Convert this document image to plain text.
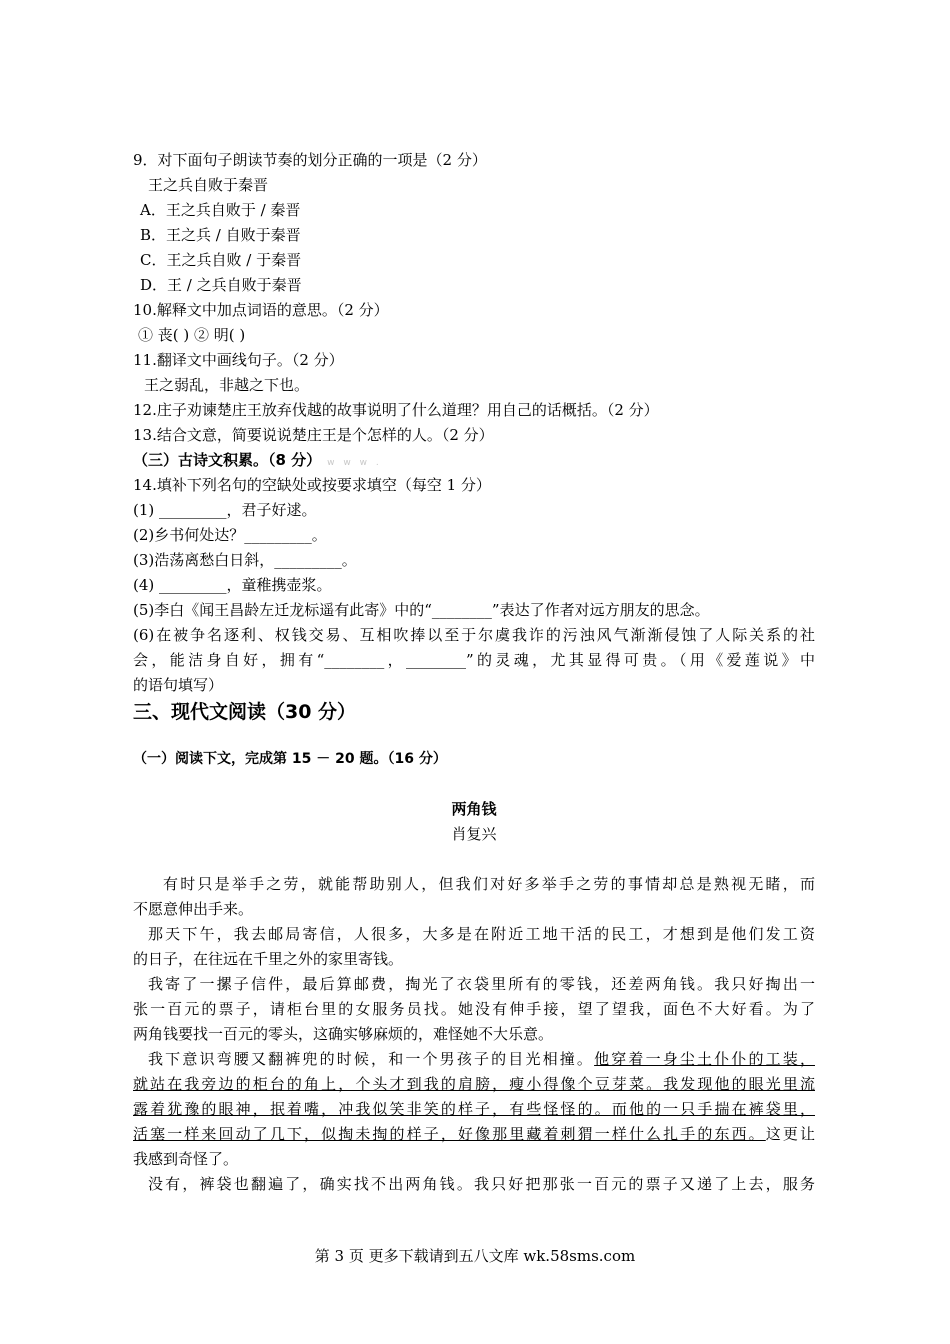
9．对下面句子朗读节奏的划分正确的一项是（2 分）
王之兵自败于秦晋
A．王之兵自败于 / 秦晋
B．王之兵 / 自败于秦晋
C．王之兵自败 / 于秦晋
D．王 / 之兵自败于秦晋
10.解释文中加点词语的意思。（2 分）
① 丧( ) ② 明( )
11.翻译文中画线句子。（2 分）
王之弱乱，非越之下也。
12.庄子劝谏楚庄王放弃伐越的故事说明了什么道理？用自己的话概括。（2 分）
13.结合文意，简要说说楚庄王是个怎样的人。（2 分）
（三）古诗文积累。（8 分） w w w .
14.填补下列名句的空缺处或按要求填空（每空 1 分）
(1) _________，君子好逑。
(2)乡书何处达？_________。
(3)浩荡离愁白日斜，_________。
(4) _________，童稚携壶浆。
(5)李白《闻王昌龄左迁龙标遥有此寄》中的“________”表达了作者对远方朋友的思念。
(6)在被争名逐利、权钱交易、互相吹捧以至于尔虞我诈的污浊风气渐渐侵蚀了人际关系的社
会，能洁身自好，拥有“________，________”的灵魂，尤其显得可贵。（用《爱莲说》中
的语句填写）
三、现代文阅读（30 分）
（一）阅读下文，完成第 15 － 20 题。（16 分）
两角钱
肖复兴
有时只是举手之劳，就能帮助别人，但我们对好多举手之劳的事情却总是熟视无睹，而
不愿意伸出手来。
那天下午，我去邮局寄信，人很多，大多是在附近工地干活的民工，才想到是他们发工资
的日子，在往远在千里之外的家里寄钱。
我寄了一摞子信件，最后算邮费，掏光了衣袋里所有的零钱，还差两角钱。我只好掏出一
张一百元的票子，请柜台里的女服务员找。她没有伸手接，望了望我，面色不大好看。为了
两角钱要找一百元的零头，这确实够麻烦的，难怪她不大乐意。
我下意识弯腰又翻裤兜的时候，和一个男孩子的目光相撞。他穿着一身尘土仆仆的工装，
就站在我旁边的柜台的角上，个头才到我的肩膀，瘦小得像个豆芽菜。我发现他的眼光里流
露着犹豫的眼神，抿着嘴，冲我似笑非笑的样子，有些怪怪的。而他的一只手揣在裤袋里，
活塞一样来回动了几下，似掏未掏的样子，好像那里藏着刺猬一样什么扎手的东西。这更让
我感到奇怪了。
没有，裤袋也翻遍了，确实找不出两角钱。我只好把那张一百元的票子又递了上去，服务
第 3 页 更多下载请到五八文库 wk.58sms.com
